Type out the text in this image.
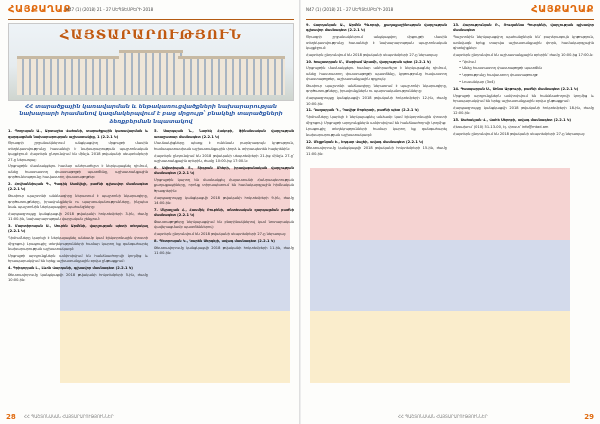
ՀԱՅՔԱՂԱՔ
N47 (1) (2018) 21 - 27 ՍԵՊՏԵՄԲԵՐԻ 2018
ՀԱՅՏԱՐԱՐՈՒԹՅՈՒՆ
ՀՀ տարածքային կառավարման և ենթակառուցվածքների նախարարության նախարարի հրամանով կազմակերպվում է բաց մրցույթ՝ բնակելի տարածքների ձեռքբերման նպատակով

1. Պողոսյան Ա., Արտաշես Վահանի, տարածքային կառավարման և զարգացման նախարարության աշխատակից, 1 (2.2.1 Կ)

Ծրագրի շրջանակներում անցկացվող մրցույթի մասին տեղեկատվությունը հասանելի է նախարարության պաշտոնական կայքէջում: Հայտերն ընդունվում են մինչև 2018 թվականի սեպտեմբերի 27-ը ներառյալ:

Մրցույթին մասնակցելու համար անհրաժեշտ է ներկայացնել դիմում, անձը հաստատող փաստաթղթի պատճենը, աշխատանքային գործունեությունը հավաստող փաստաթղթեր:

2. Հովհաննիսյան Գ., Գագիկ Սամվելի, բաժնի գլխավոր մասնագետ (2.2.1 Կ)

Թափուր պաշտոնի անձնագիրը ներառում է պաշտոնի նկարագիրը, գործառույթները, իրավունքներն ու պարտականությունները, ինչպես նաև պաշտոնին ներկայացվող պահանջները:

Հարցազրույցը կանցկացվի 2018 թվականի հոկտեմբերի 3-ին, ժամը 11:00-ին, նախարարության վարչական շենքում:

3. Մարտիրոսյան Ս., Սուրեն Արմենի, վարչության պետի տեղակալ (2.2.1 Կ)

Դիմումները կարելի է ներկայացնել անձամբ կամ էլեկտրոնային փոստի միջոցով: Լրացուցիչ տեղեկությունների համար կարող եք զանգահարել նախարարության աշխատակազմ:

Մրցույթի արդյունքներն ամփոփվում են հանձնաժողովի կողմից և հրապարակվում են երեք աշխատանքային օրվա ընթացքում:

4. Գրիգորյան Լ., Լևոն Վարդանի, գլխավոր մասնագետ (2.2.1 Կ)

Թեստավորումը կանցկացվի 2018 թվականի հոկտեմբերի 5-ին, ժամը 10:00-ին:

5. Սարգսյան Ն., Նարեկ Հակոբի, ֆինանսական վարչության առաջատար մասնագետ (2.2.1 Կ)

Մասնակիցները պետք է ունենան բարձրագույն կրթություն, համապատասխան աշխատանքային փորձ և տիրապետեն հայերենին:

Հայտերն ընդունվում են 2018 թվականի սեպտեմբերի 21-ից մինչև 27-ը՝ աշխատանքային օրերին, ժամը 10:00-ից 17:00-ն:

6. Ավետիսյան Տ., Տիգրան Մհերի, իրավաբանական վարչության մասնագետ (2.2.1 Կ)

Մրցույթին կարող են մասնակցել Հայաստանի Հանրապետության քաղաքացիները, որոնք տիրապետում են համակարգչային հիմնական ծրագրերին:

Հարցազրույցը կանցկացվի 2018 թվականի հոկտեմբերի 9-ին, ժամը 14:00-ին:

7. Մկրտչյան Հ., Հասմիկ Ռուբենի, տնտեսական զարգացման բաժնի մասնագետ (2.2.1 Կ)

Փաստաթղթերը ներկայացվում են բնօրինակներով կամ նոտարական վավերացմամբ պատճեններով:

Հայտերն ընդունվում են 2018 թվականի սեպտեմբերի 27-ը ներառյալ:

8. Պետրոսյան Կ., Կարեն Սերգեյի, ավագ մասնագետ (2.2.1 Կ)

Թեստավորումը կանցկացվի 2018 թվականի հոկտեմբերի 11-ին, ժամը 11:00-ին:

28 ՀՀ ՊԱՇՏՈՆԱԿԱՆ ՀԱՅՏԱՐԱՐՈՒԹՅՈՒՆՆԵՐ
N47 (1) (2018) 21 - 27 ՍԵՊՏԵՄԲԵՐԻ 2018	ՀԱՅՔԱՂԱՔ

9. Վարդանյան Ա., Արմեն Գևորգի, քաղաքաշինության վարչության գլխավոր մասնագետ (2.2.1 Կ)

Ծրագրի շրջանակներում անցկացվող մրցույթի մասին տեղեկատվությունը հասանելի է նախարարության պաշտոնական կայքէջում:

Հայտերն ընդունվում են 2018 թվականի սեպտեմբերի 27-ը ներառյալ:

10. Խաչատրյան Մ., Մարիամ Արամի, վարչության պետ (2.2.1 Կ)

Մրցույթին մասնակցելու համար անհրաժեշտ է ներկայացնել դիմում, անձը հաստատող փաստաթղթի պատճենը, կրթությունը հավաստող փաստաթղթեր, աշխատանքային գրքույկ:

Թափուր պաշտոնի անձնագիրը ներառում է պաշտոնի նկարագիրը, գործառույթները, իրավունքներն ու պարտականությունները:

Հարցազրույցը կանցկացվի 2018 թվականի հոկտեմբերի 12-ին, ժամը 10:00-ին:

11. Ղազարյան Դ., Դավիթ Ռոբերտի, բաժնի պետ (2.2.1 Կ)

Դիմումները կարելի է ներկայացնել անձամբ կամ էլեկտրոնային փոստի միջոցով: Մրցույթի արդյունքներն ամփոփվում են հանձնաժողովի կողմից:

Լրացուցիչ տեղեկությունների համար կարող եք զանգահարել նախարարության աշխատակազմ:

12. Մելքոնյան Է., Էդգար Վաչեի, ավագ մասնագետ (2.2.1 Կ)

Թեստավորումը կանցկացվի 2018 թվականի հոկտեմբերի 15-ին, ժամը 11:00-ին:

13. Հարությունյան Ռ., Ռուզաննա Գուրգենի, վարչության գլխավոր մասնագետ

Պաշտոնին ներկայացվող պահանջներն են՝ բարձրագույն կրթություն, առնվազն երեք տարվա աշխատանքային փորձ, համակարգչային գիտելիքներ:

Հայտերն ընդունվում են աշխատանքային օրերին՝ ժամը 10:00-ից 17:00-ն:

• Դիմում

• Անձը հաստատող փաստաթղթի պատճեն

• Կրթությունը հավաստող փաստաթուղթ

• Լուսանկար (3x4)

14. Գասպարյան Ս., Սոնա Արթուրի, բաժնի մասնագետ (2.2.1 Կ)

Մրցույթի արդյունքներն ամփոփվում են հանձնաժողովի կողմից և հրապարակվում են երեք աշխատանքային օրվա ընթացքում:

Հարցազրույցը կանցկացվի 2018 թվականի հոկտեմբերի 18-ին, ժամը 12:00-ին:

15. Սահակյան Վ., Վահե Սերոբի, ավագ մասնագետ (2.2.1 Կ)

Հեռախոս՝ (010) 51-13-00, էլ. փոստ՝ info@mtad.am

Հայտերն ընդունվում են 2018 թվականի սեպտեմբերի 27-ը ներառյալ:

ՀՀ ՊԱՇՏՈՆԱԿԱՆ ՀԱՅՏԱՐԱՐՈՒԹՅՈՒՆՆԵՐ	29
